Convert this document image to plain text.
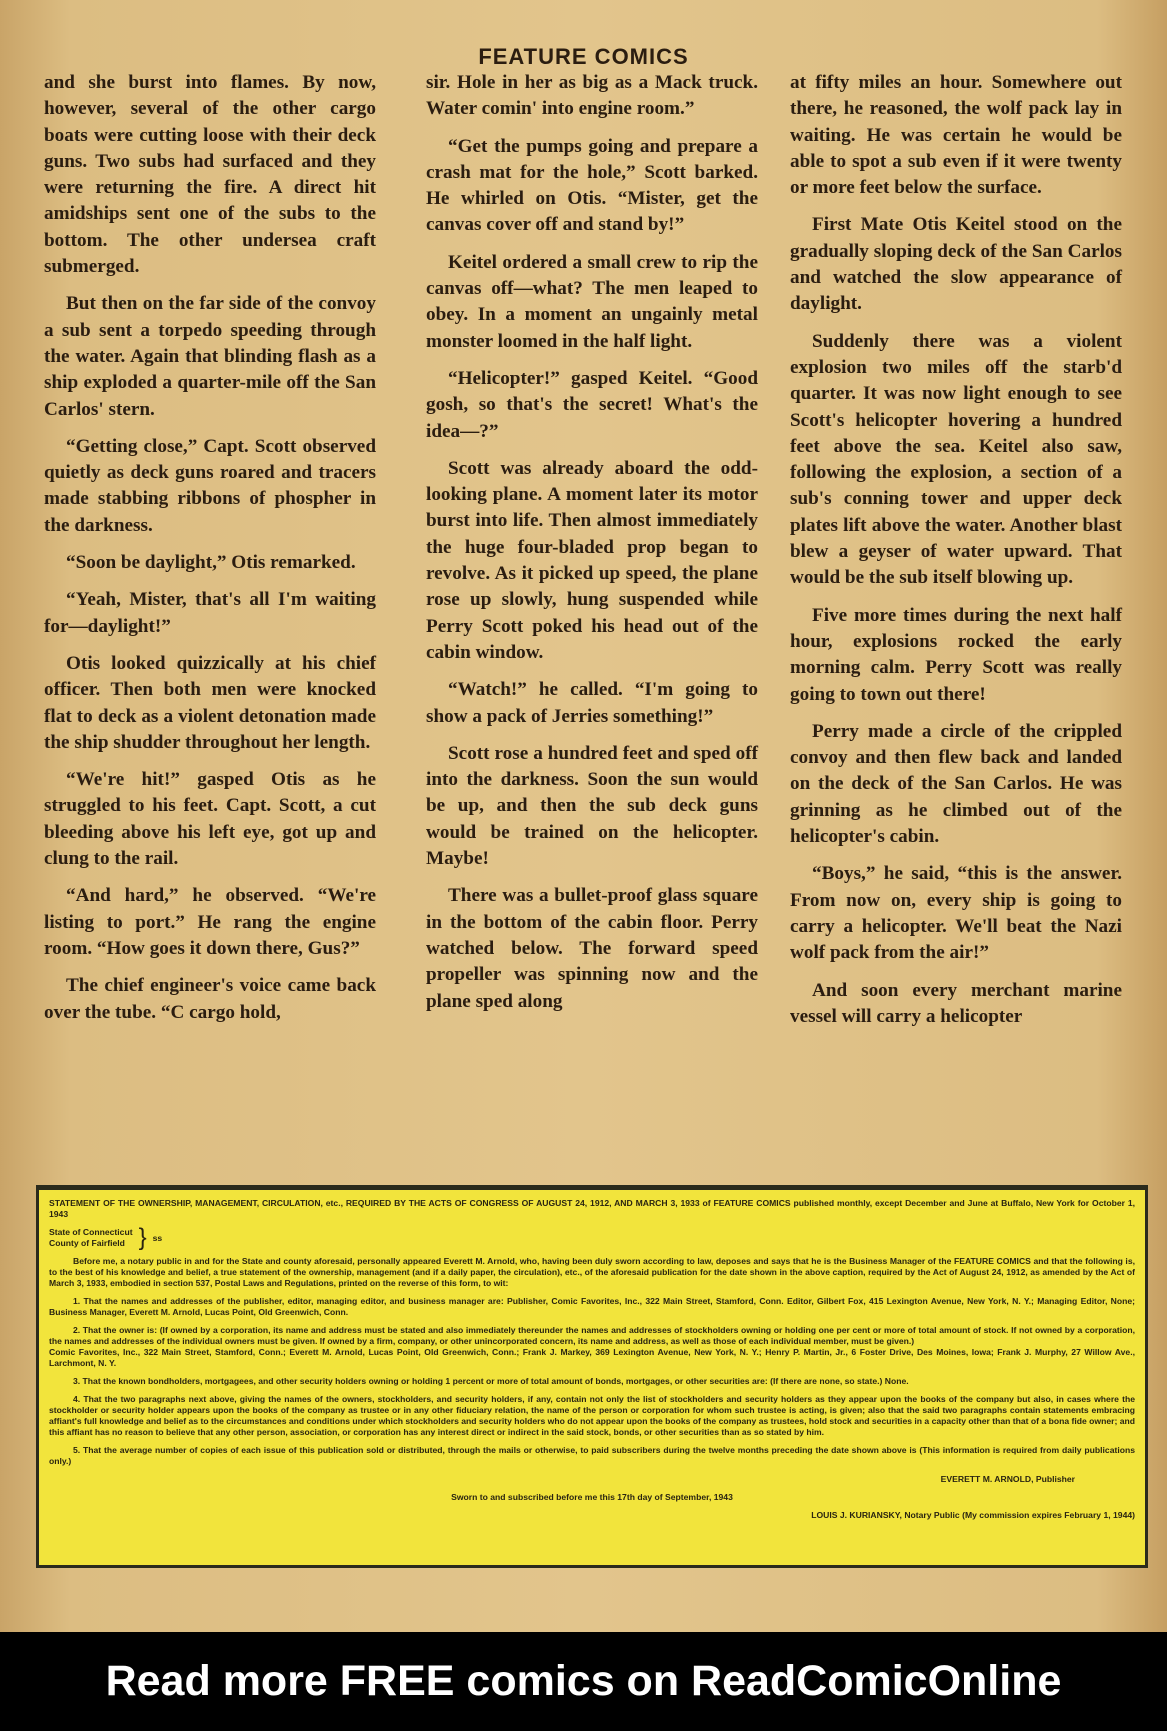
FEATURE COMICS

and she burst into flames. By now, however, several of the other cargo boats were cutting loose with their deck guns. Two subs had surfaced and they were returning the fire. A direct hit amidships sent one of the subs to the bottom. The other undersea craft submerged.

But then on the far side of the convoy a sub sent a torpedo speeding through the water. Again that blinding flash as a ship exploded a quarter-mile off the San Carlos' stern.

“Getting close,” Capt. Scott observed quietly as deck guns roared and tracers made stabbing ribbons of phospher in the darkness.

“Soon be daylight,” Otis remarked.

“Yeah, Mister, that's all I'm waiting for—daylight!”

Otis looked quizzically at his chief officer. Then both men were knocked flat to deck as a violent detonation made the ship shudder throughout her length.

“We're hit!” gasped Otis as he struggled to his feet. Capt. Scott, a cut bleeding above his left eye, got up and clung to the rail.

“And hard,” he observed. “We're listing to port.” He rang the engine room. “How goes it down there, Gus?”

The chief engineer's voice came back over the tube. “C cargo hold,

sir. Hole in her as big as a Mack truck. Water comin' into engine room.”

“Get the pumps going and prepare a crash mat for the hole,” Scott barked. He whirled on Otis. “Mister, get the canvas cover off and stand by!”

Keitel ordered a small crew to rip the canvas off—what? The men leaped to obey. In a moment an ungainly metal monster loomed in the half light.

“Helicopter!” gasped Keitel. “Good gosh, so that's the secret! What's the idea—?”

Scott was already aboard the odd-looking plane. A moment later its motor burst into life. Then almost immediately the huge four-bladed prop began to revolve. As it picked up speed, the plane rose up slowly, hung suspended while Perry Scott poked his head out of the cabin window.

“Watch!” he called. “I'm going to show a pack of Jerries something!”

Scott rose a hundred feet and sped off into the darkness. Soon the sun would be up, and then the sub deck guns would be trained on the helicopter. Maybe!

There was a bullet-proof glass square in the bottom of the cabin floor. Perry watched below. The forward speed propeller was spinning now and the plane sped along

at fifty miles an hour. Somewhere out there, he reasoned, the wolf pack lay in waiting. He was certain he would be able to spot a sub even if it were twenty or more feet below the surface.

First Mate Otis Keitel stood on the gradually sloping deck of the San Carlos and watched the slow appearance of daylight.

Suddenly there was a violent explosion two miles off the starb'd quarter. It was now light enough to see Scott's helicopter hovering a hundred feet above the sea. Keitel also saw, following the explosion, a section of a sub's conning tower and upper deck plates lift above the water. Another blast blew a geyser of water upward. That would be the sub itself blowing up.

Five more times during the next half hour, explosions rocked the early morning calm. Perry Scott was really going to town out there!

Perry made a circle of the crippled convoy and then flew back and landed on the deck of the San Carlos. He was grinning as he climbed out of the helicopter's cabin.

“Boys,” he said, “this is the answer. From now on, every ship is going to carry a helicopter. We'll beat the Nazi wolf pack from the air!”

And soon every merchant marine vessel will carry a helicopter

STATEMENT OF THE OWNERSHIP, MANAGEMENT, CIRCULATION, etc., REQUIRED BY THE ACTS OF CONGRESS OF AUGUST 24, 1912, AND MARCH 3, 1933 of FEATURE COMICS published monthly, except December and June at Buffalo, New York for October 1, 1943

State of Connecticut
County of Fairfield } ss

Before me, a notary public in and for the State and county aforesaid, personally appeared Everett M. Arnold, who, having been duly sworn according to law, deposes and says that he is the Business Manager of the FEATURE COMICS and that the following is, to the best of his knowledge and belief, a true statement of the ownership, management (and if a daily paper, the circulation), etc., of the aforesaid publication for the date shown in the above caption, required by the Act of August 24, 1912, as amended by the Act of March 3, 1933, embodied in section 537, Postal Laws and Regulations, printed on the reverse of this form, to wit:

1. That the names and addresses of the publisher, editor, managing editor, and business manager are: Publisher, Comic Favorites, Inc., 322 Main Street, Stamford, Conn. Editor, Gilbert Fox, 415 Lexington Avenue, New York, N. Y.; Managing Editor, None; Business Manager, Everett M. Arnold, Lucas Point, Old Greenwich, Conn.

2. That the owner is: (If owned by a corporation, its name and address must be stated and also immediately thereunder the names and addresses of stockholders owning or holding one per cent or more of total amount of stock. If not owned by a corporation, the names and addresses of the individual owners must be given. If owned by a firm, company, or other unincorporated concern, its name and address, as well as those of each individual member, must be given.)

Comic Favorites, Inc., 322 Main Street, Stamford, Conn.; Everett M. Arnold, Lucas Point, Old Greenwich, Conn.; Frank J. Markey, 369 Lexington Avenue, New York, N. Y.; Henry P. Martin, Jr., 6 Foster Drive, Des Moines, Iowa; Frank J. Murphy, 27 Willow Ave., Larchmont, N. Y.

3. That the known bondholders, mortgagees, and other security holders owning or holding 1 percent or more of total amount of bonds, mortgages, or other securities are: (If there are none, so state.) None.

4. That the two paragraphs next above, giving the names of the owners, stockholders, and security holders, if any, contain not only the list of stockholders and security holders as they appear upon the books of the company but also, in cases where the stockholder or security holder appears upon the books of the company as trustee or in any other fiduciary relation, the name of the person or corporation for whom such trustee is acting, is given; also that the said two paragraphs contain statements embracing affiant's full knowledge and belief as to the circumstances and conditions under which stockholders and security holders who do not appear upon the books of the company as trustees, hold stock and securities in a capacity other than that of a bona fide owner; and this affiant has no reason to believe that any other person, association, or corporation has any interest direct or indirect in the said stock, bonds, or other securities than as so stated by him.

5. That the average number of copies of each issue of this publication sold or distributed, through the mails or otherwise, to paid subscribers during the twelve months preceding the date shown above is (This information is required from daily publications only.)

EVERETT M. ARNOLD, Publisher

Sworn to and subscribed before me this 17th day of September, 1943

LOUIS J. KURIANSKY, Notary Public (My commission expires February 1, 1944)

Read more FREE comics on ReadComicOnline
